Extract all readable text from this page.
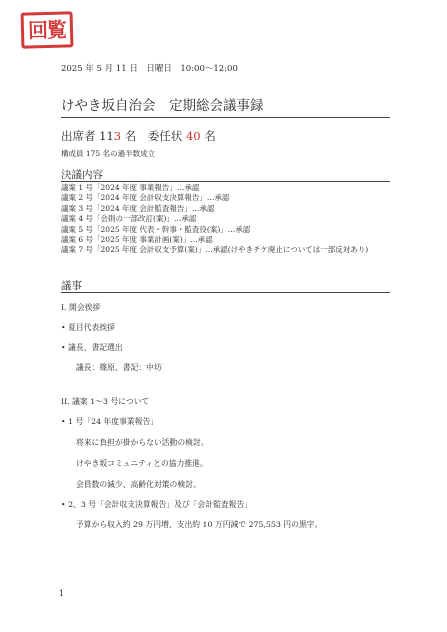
回覧
2025 年 5 月 11 日　日曜日　10:00～12:00
けやき坂自治会　定期総会議事録
出席者 113 名　委任状 40 名
構成員 175 名の過半数成立
決議内容
議案 1 号「2024 年度 事業報告」…承認
議案 2 号「2024 年度 会計収支決算報告」…承認
議案 3 号「2024 年度 会計監査報告」…承認
議案 4 号「会則の一部改訂(案)」…承認
議案 5 号「2025 年度 代表・幹事・監査役(案)」…承認
議案 6 号「2025 年度 事業計画(案)」…承認
議案 7 号「2025 年度 会計収支予算(案)」…承認(けやきチケ廃止については一部反対あり)
議事
I. 開会挨拶
• 夏目代表挨拶
• 議長、書記選出
議長：篠原、書記：中坊
II. 議案 1～3 号について
• 1 号「24 年度事業報告」
将来に負担が掛からない活動の検討。
けやき坂コミュニティとの協力推進。
会員数の減少、高齢化対策の検討。
• 2、3 号「会計収支決算報告」及び「会計監査報告」
予算から収入約 29 万円増、支出約 10 万円減で 275,553 円の黒字。
1
